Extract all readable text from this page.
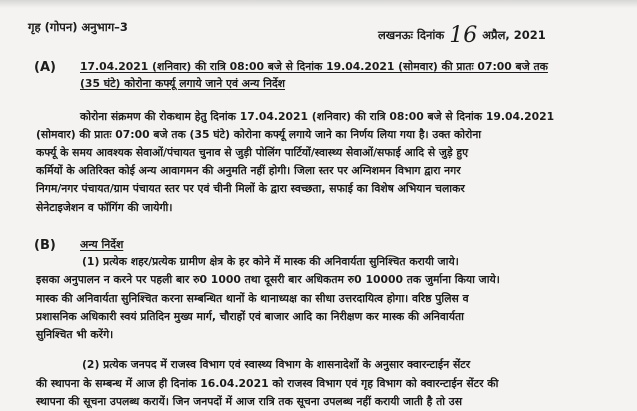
गृह (गोपन) अनुभाग–3
लखनऊः दिनांक 16 अप्रैल, 2021
(A) 17.04.2021 (शनिवार) की रात्रि 08:00 बजे से दिनांक 19.04.2021 (सोमवार) की प्रातः 07:00 बजे तक
(35 घंटे) कोरोना कर्फ्यू लगाये जाने एवं अन्य निर्देश
कोरोना संक्रमण की रोकथाम हेतु दिनांक 17.04.2021 (शनिवार) की रात्रि 08:00 बजे से दिनांक 19.04.2021
(सोमवार) की प्रातः 07:00 बजे तक (35 घंटे) कोरोना कर्फ्यू लगाये जाने का निर्णय लिया गया है। उक्त कोरोना
कर्फ्यू के समय आवश्यक सेवाओं/पंचायत चुनाव से जुड़ी पोलिंग पार्टियों/स्वास्थ्य सेवाओं/सफाई आदि से जुड़े हुए
कर्मियों के अतिरिक्त कोई अन्य आवागमन की अनुमति नहीं होगी। जिला स्तर पर अग्निशमन विभाग द्वारा नगर
निगम/नगर पंचायत/ग्राम पंचायत स्तर पर एवं चीनी मिलों के द्वारा स्वच्छता, सफाई का विशेष अभियान चलाकर
सेनेटाइजेशन व फॉगिंग की जायेगी।
(B) अन्य निर्देश
(1) प्रत्येक शहर/प्रत्येक ग्रामीण क्षेत्र के हर कोने में मास्क की अनिवार्यता सुनिश्चित करायी जाये।
इसका अनुपालन न करने पर पहली बार रु0 1000 तथा दूसरी बार अधिकतम रु0 10000 तक जुर्माना किया जाये।
मास्क की अनिवार्यता सुनिश्चित करना सम्बन्धित थानों के थानाध्यक्ष का सीधा उत्तरदायित्व होगा। वरिष्ठ पुलिस व
प्रशासनिक अधिकारी स्वयं प्रतिदिन मुख्य मार्ग, चौराहों एवं बाजार आदि का निरीक्षण कर मास्क की अनिवार्यता
सुनिश्चित भी करेंगे।
(2) प्रत्येक जनपद में राजस्व विभाग एवं स्वास्थ्य विभाग के शासनादेशों के अनुसार क्वारन्टाईन सेंटर
की स्थापना के सम्बन्ध में आज ही दिनांक 16.04.2021 को राजस्व विभाग एवं गृह विभाग को क्वारन्टाईन सेंटर की
स्थापना की सूचना उपलब्ध करायें। जिन जनपदों में आज रात्रि तक सूचना उपलब्ध नहीं करायी जाती है तो उस
